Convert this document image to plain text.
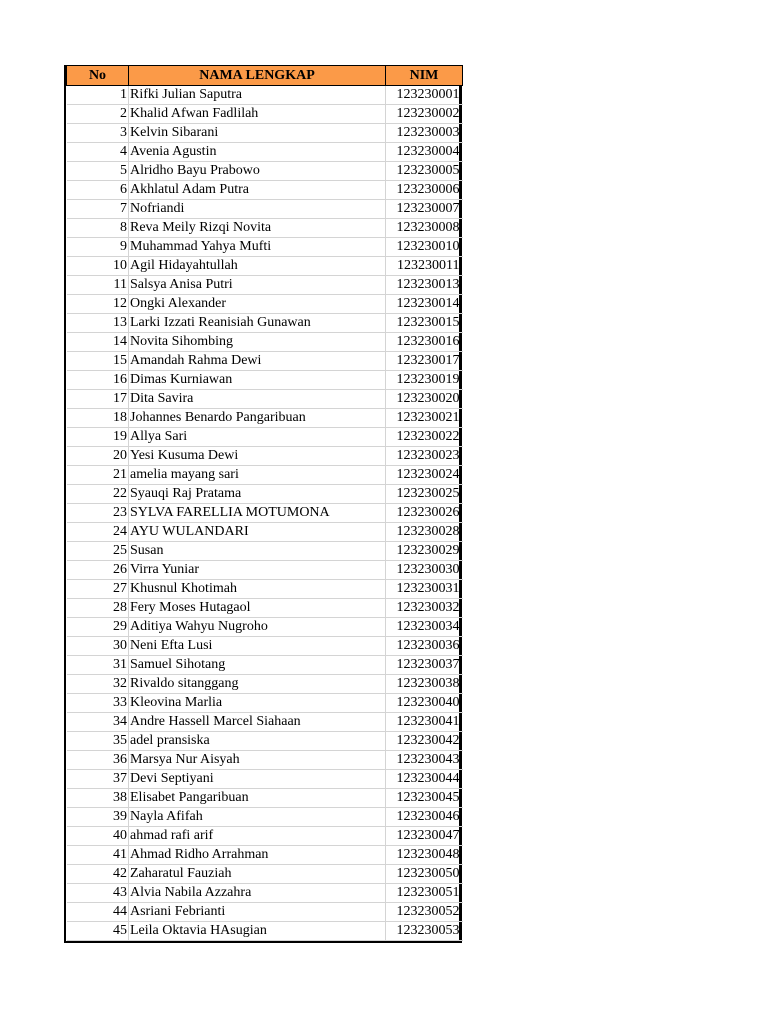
No	NAMA LENGKAP	NIM
1	Rifki Julian Saputra	123230001
2	Khalid Afwan Fadlilah	123230002
3	Kelvin Sibarani	123230003
4	Avenia Agustin	123230004
5	Alridho Bayu Prabowo	123230005
6	Akhlatul Adam Putra	123230006
7	Nofriandi	123230007
8	Reva Meily Rizqi Novita	123230008
9	Muhammad Yahya Mufti	123230010
10	Agil Hidayahtullah	123230011
11	Salsya Anisa Putri	123230013
12	Ongki Alexander	123230014
13	Larki Izzati Reanisiah Gunawan	123230015
14	Novita Sihombing	123230016
15	Amandah Rahma Dewi	123230017
16	Dimas Kurniawan	123230019
17	Dita Savira	123230020
18	Johannes Benardo Pangaribuan	123230021
19	Allya Sari	123230022
20	Yesi Kusuma Dewi	123230023
21	amelia mayang sari	123230024
22	Syauqi Raj Pratama	123230025
23	SYLVA FARELLIA MOTUMONA	123230026
24	AYU WULANDARI	123230028
25	Susan	123230029
26	Virra Yuniar	123230030
27	Khusnul Khotimah	123230031
28	Fery Moses Hutagaol	123230032
29	Aditiya Wahyu Nugroho	123230034
30	Neni Efta Lusi	123230036
31	Samuel Sihotang	123230037
32	Rivaldo sitanggang	123230038
33	Kleovina Marlia	123230040
34	Andre Hassell Marcel Siahaan	123230041
35	adel pransiska	123230042
36	Marsya Nur Aisyah	123230043
37	Devi Septiyani	123230044
38	Elisabet Pangaribuan	123230045
39	Nayla Afifah	123230046
40	ahmad rafi arif	123230047
41	Ahmad Ridho Arrahman	123230048
42	Zaharatul Fauziah	123230050
43	Alvia Nabila Azzahra	123230051
44	Asriani Febrianti	123230052
45	Leila Oktavia HAsugian	123230053
